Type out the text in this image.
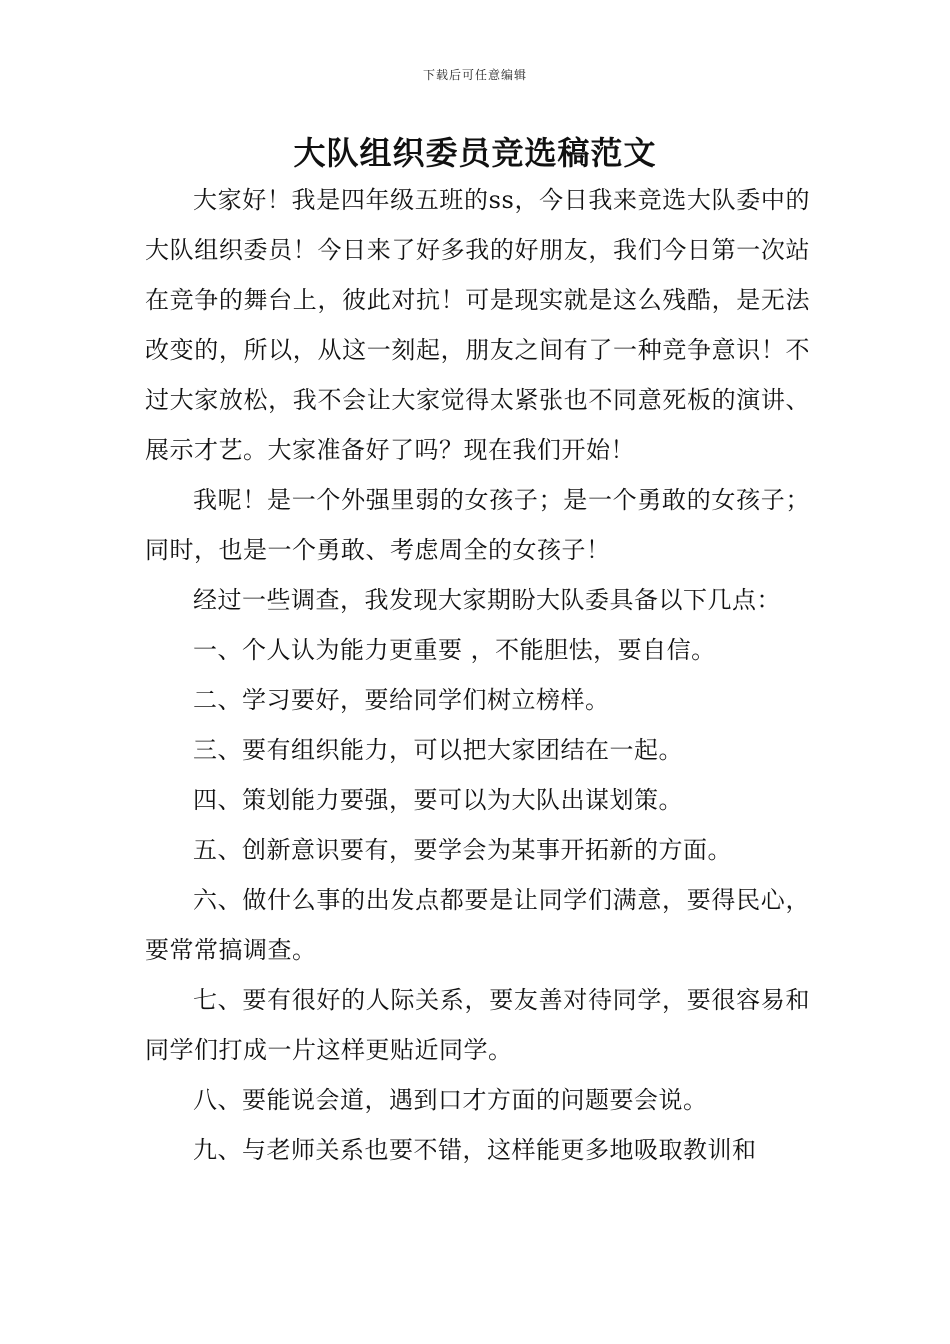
下载后可任意编辑
大队组织委员竞选稿范文

大家好！我是四年级五班的ss，今日我来竞选大队委中的大队组织委员！今日来了好多我的好朋友，我们今日第一次站在竞争的舞台上，彼此对抗！可是现实就是这么残酷，是无法改变的，所以，从这一刻起，朋友之间有了一种竞争意识！不过大家放松，我不会让大家觉得太紧张也不同意死板的演讲、展示才艺。大家准备好了吗？现在我们开始！

我呢！是一个外强里弱的女孩子；是一个勇敢的女孩子；同时，也是一个勇敢、考虑周全的女孩子！

经过一些调查，我发现大家期盼大队委具备以下几点：

一、个人认为能力更重要 ，不能胆怯，要自信。

二、学习要好，要给同学们树立榜样。

三、要有组织能力，可以把大家团结在一起。

四、策划能力要强，要可以为大队出谋划策。

五、创新意识要有，要学会为某事开拓新的方面。

六、做什么事的出发点都要是让同学们满意，要得民心，要常常搞调查。

七、要有很好的人际关系，要友善对待同学，要很容易和同学们打成一片这样更贴近同学。

八、要能说会道，遇到口才方面的问题要会说。

九、与老师关系也要不错，这样能更多地吸取教训和
